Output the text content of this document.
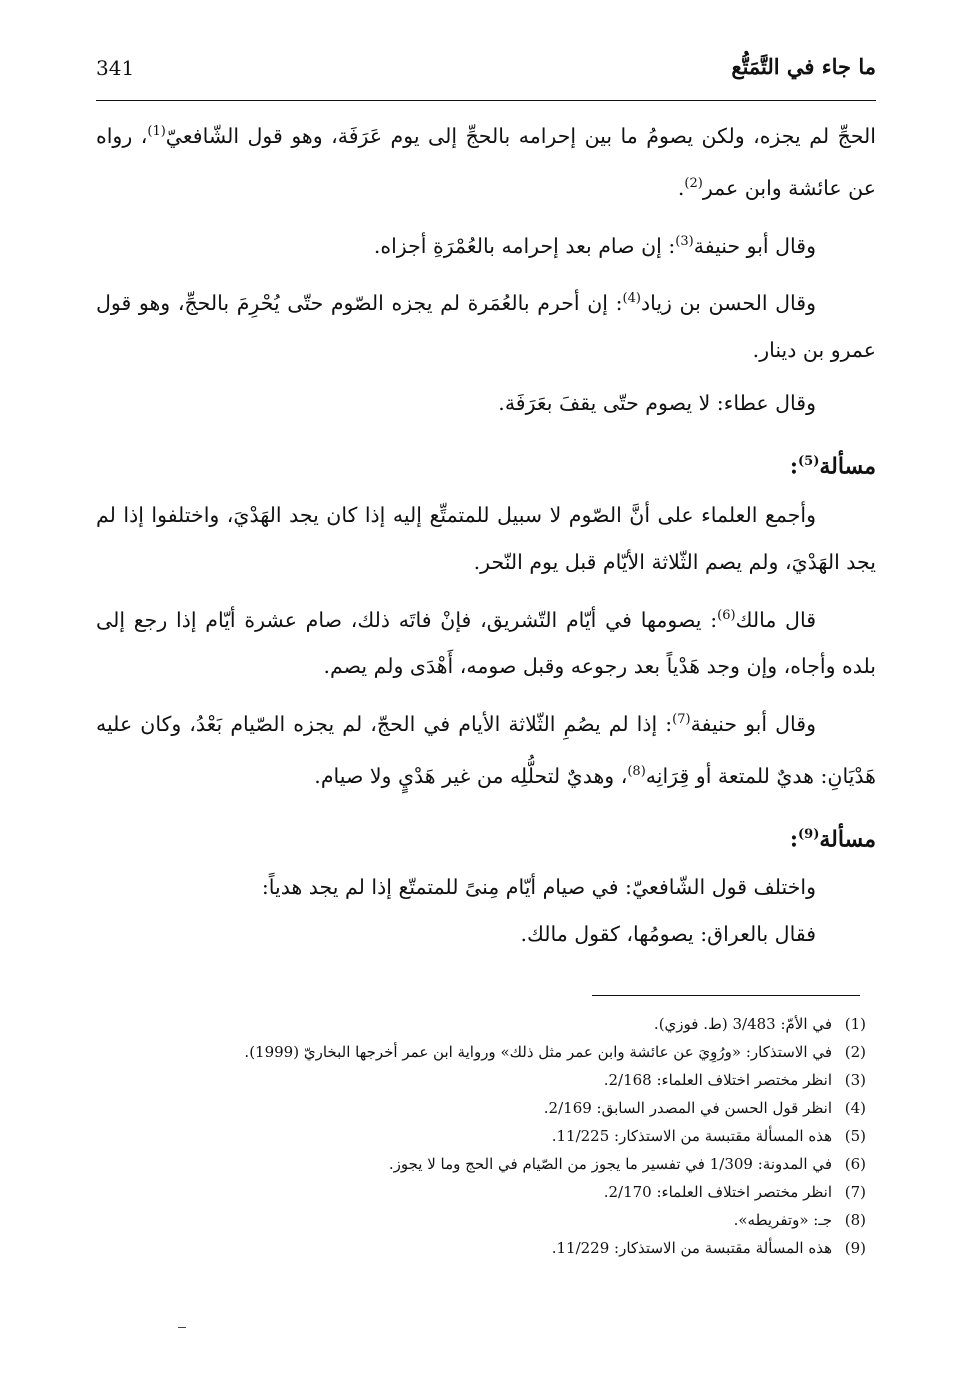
341	ما جاء في التَّمَتُّع

الحجِّ لم يجزه، ولكن يصومُ ما بين إحرامه بالحجِّ إلى يوم عَرَفَة، وهو قول الشّافعيّ$^{(1)}$، رواه عن عائشة وابن عمر$^{(2)}$.

وقال أبو حنيفة$^{(3)}$: إن صام بعد إحرامه بالعُمْرَةِ أجزاه.

وقال الحسن بن زياد$^{(4)}$: إن أحرم بالعُمَرة لم يجزه الصّوم حتّى يُحْرِمَ بالحجِّ، وهو قول عمرو بن دينار.

وقال عطاء: لا يصوم حتّى يقفَ بعَرَفَة.

مسألة$^{(5)}$:

وأجمع العلماء على أنَّ الصّوم لا سبيل للمتمتِّع إليه إذا كان يجد الهَدْيَ، واختلفوا إذا لم يجد الهَدْيَ، ولم يصم الثّلاثة الأيّام قبل يوم النّحر.

قال مالك$^{(6)}$: يصومها في أيّام التّشريق، فإنْ فاتَه ذلك، صام عشرة أيّام إذا رجع إلى بلده وأجاه، وإن وجد هَدْياً بعد رجوعه وقبل صومه، أَهْدَى ولم يصم.

وقال أبو حنيفة$^{(7)}$: إذا لم يصُمِ الثّلاثة الأيام في الحجّ، لم يجزه الصّيام بَعْدُ، وكان عليه هَدْيَانِ: هديٌ للمتعة أو قِرَانِه$^{(8)}$، وهديٌ لتحلُّلِه من غير هَدْيٍ ولا صيام.

مسألة$^{(9)}$:

واختلف قول الشّافعيّ: في صيام أيّام مِنىً للمتمتّع إذا لم يجد هدياً:

فقال بالعراق: يصومُها، كقول مالك.

(1)في الأمّ: 3/483 (ط. فوزي).

(2)في الاستذكار: «ورُوِيَ عن عائشة وابن عمر مثل ذلك» ورواية ابن عمر أخرجها البخاريّ (1999).

(3)انظر مختصر اختلاف العلماء: 2/168.

(4)انظر قول الحسن في المصدر السابق: 2/169.

(5)هذه المسألة مقتبسة من الاستذكار: 11/225.

(6)في المدونة: 1/309 في تفسير ما يجوز من الصّيام في الحج وما لا يجوز.

(7)انظر مختصر اختلاف العلماء: 2/170.

(8)جـ: «وتفريطه».

(9)هذه المسألة مقتبسة من الاستذكار: 11/229.
